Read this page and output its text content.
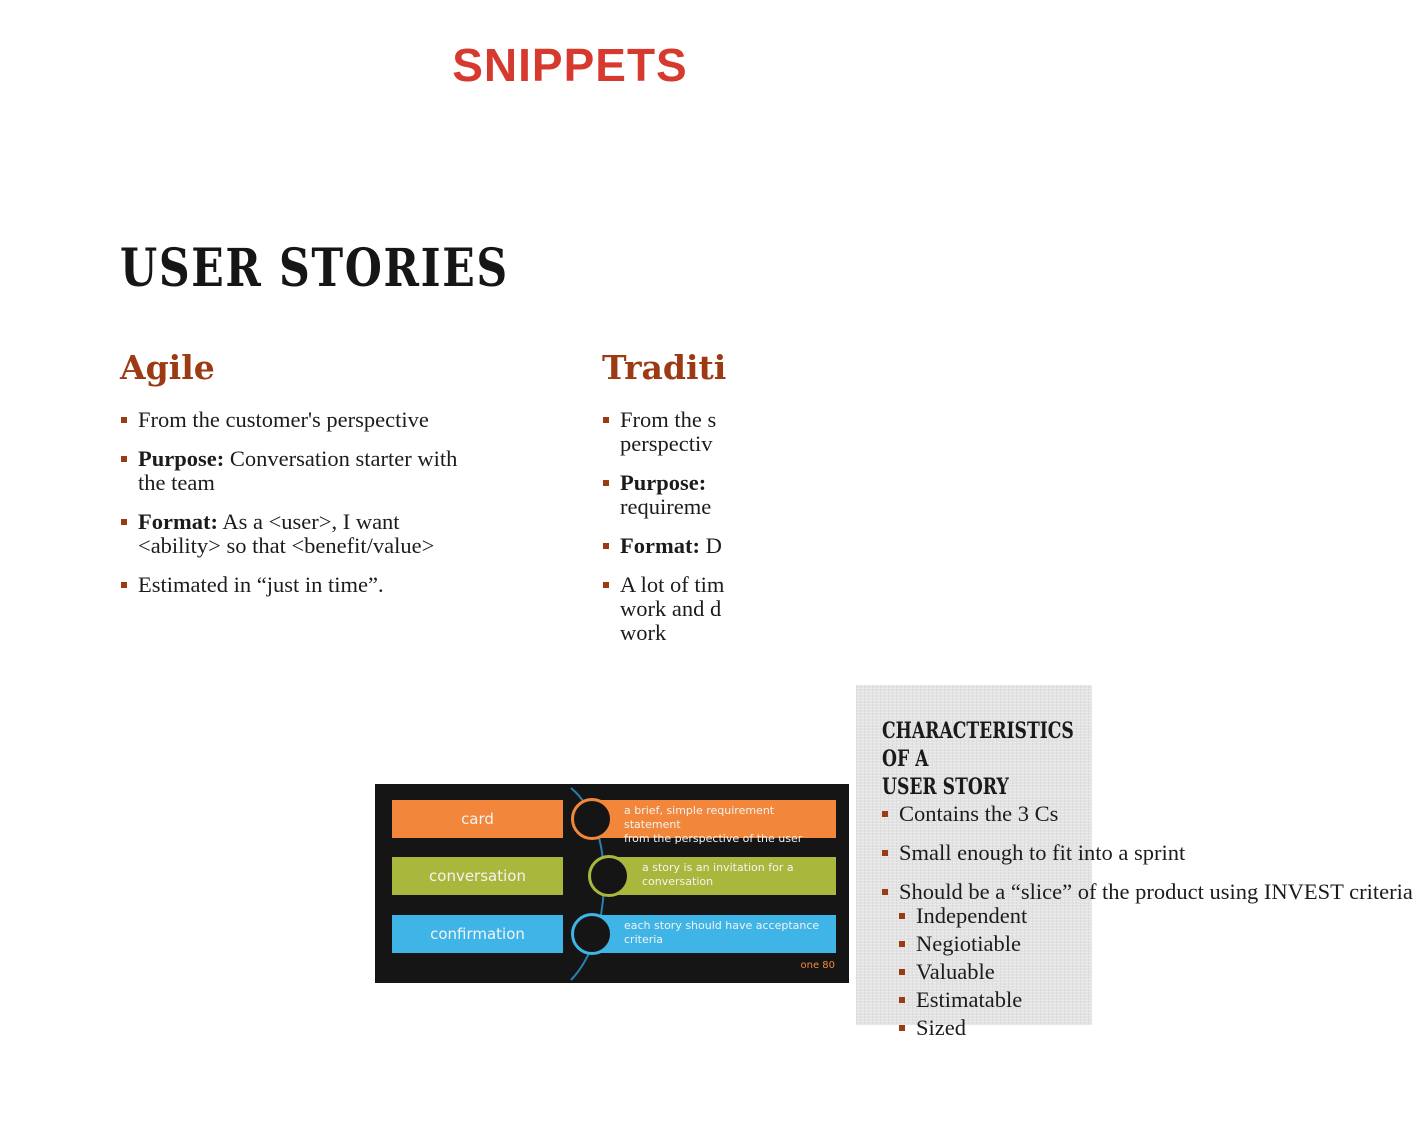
SNIPPETS
USER STORIES
Agile
From the customer's perspective
Purpose: Conversation starter with
the team
Format: As a <user>, I want
<ability> so that <benefit/value>
Estimated in “just in time”.
Traditi
From the s
perspectiv
Purpose:
requireme
Format: D
A lot of tim
work and d
work
card	a brief, simple requirement statement
from the perspective of the user
conversation	a story is an invitation for a
conversation
confirmation	each story should have acceptance
criteria
one 80
CHARACTERISTICS OF A
USER STORY
Contains the 3 Cs
Small enough to fit into a sprint
Should be a “slice” of the product using INVEST criteria
Independent
Negiotiable
Valuable
Estimatable
Sized
